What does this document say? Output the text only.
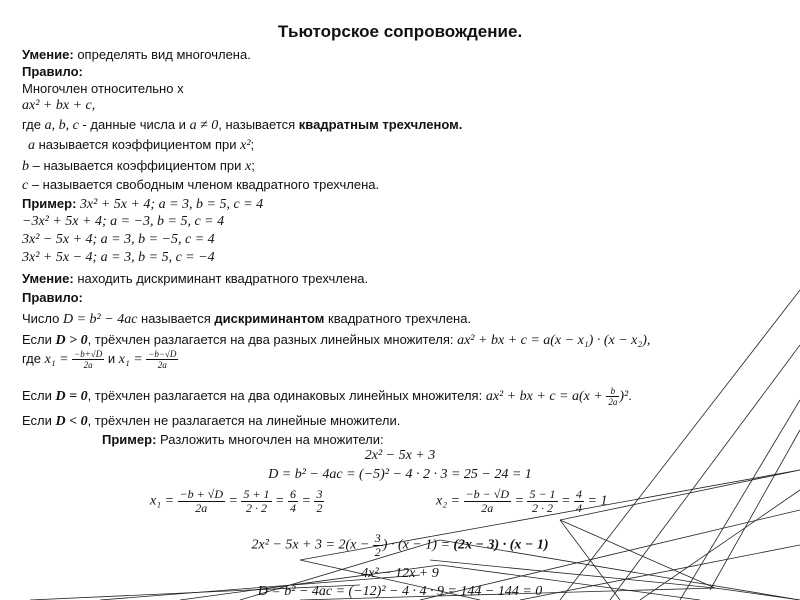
Тьюторское сопровождение.
Умение: определять вид многочлена.
Правило:
Многочлен относительно x
ax² + bx + c,
где a, b, c - данные числа и a ≠ 0, называется квадратным трехчленом.
a называется коэффициентом при x²;
b – называется коэффициентом при x;
c – называется свободным членом квадратного трехчлена.
Пример: 3x² + 5x + 4; a = 3, b = 5, c = 4
−3x² + 5x + 4; a = −3, b = 5, c = 4
3x² − 5x + 4; a = 3, b = −5, c = 4
3x² + 5x − 4; a = 3, b = 5, c = −4
Умение: находить дискриминант квадратного трехчлена.
Правило:
Число D = b² − 4ac называется дискриминантом квадратного трехчлена.
Если D > 0, трёхчлен разлагается на два разных линейных множителя: ax² + bx + c = a(x − x₁) · (x − x₂),
где $x_1 = \frac{-b+√D}{2a}$ и $x_1 = \frac{-b-√D}{2a}$
Если D = 0, трёхчлен разлагается на два одинаковых линейных множителя: ax² + bx + $c = a(x + \frac{b}{2a} )^2$.
Если D < 0, трёхчлен не разлагается на линейные множители.
Пример: Разложить многочлен на множители:
2x² − 5x + 3
D = b² − 4ac = (−5)² − 4 · 2 · 3 = 25 − 24 = 1
$x_1 = \frac{-b + √D}{2a} = \frac{5 + 1}{2 \cdot 2} = \frac{6}{4} = \frac{3}{2}$	$x_2 = \frac{-b - √D}{2a} = \frac{5 - 1}{2 \cdot 2} = \frac{4}{4} = 1$
$2x^2 - 5x + 3 = 2(x - \frac{3}{2}$ ) · (x − 1) = (2x − 3) · (x − 1)
4x² − 12x + 9
D = b² − 4ac = (−12)² − 4 · 4 · 9 = 144 − 144 = 0
